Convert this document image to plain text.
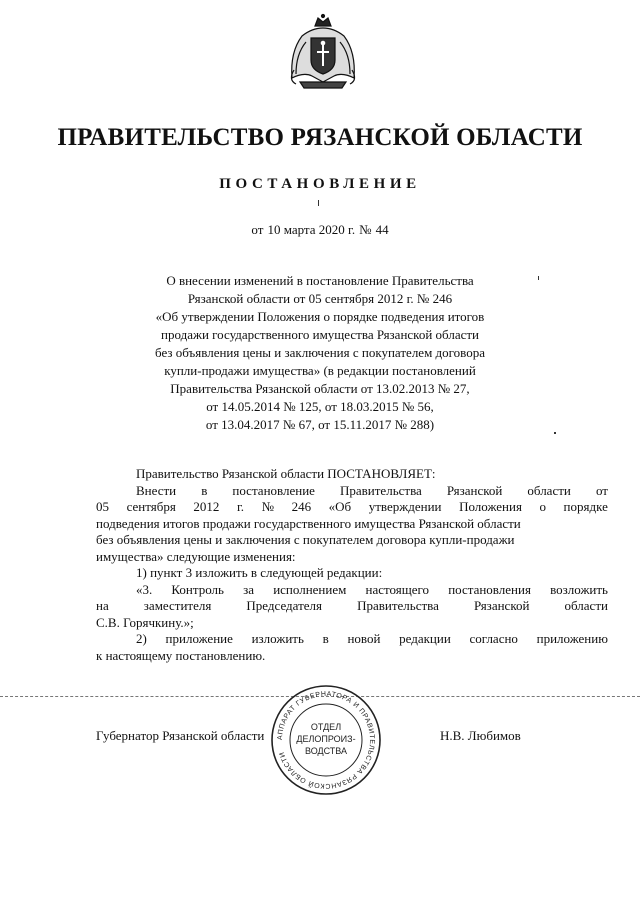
ПРАВИТЕЛЬСТВО РЯЗАНСКОЙ ОБЛАСТИ
ПОСТАНОВЛЕНИЕ
от 10 марта 2020 г. № 44
О внесении изменений в постановление Правительства
Рязанской области от 05 сентября 2012 г. № 246
«Об утверждении Положения о порядке подведения итогов
продажи государственного имущества Рязанской области
без объявления цены и заключения с покупателем договора
купли-продажи имущества» (в редакции постановлений
Правительства Рязанской области от 13.02.2013 № 27,
от 14.05.2014 № 125, от 18.03.2015 № 56,
от 13.04.2017 № 67, от 15.11.2017 № 288)
Правительство Рязанской области ПОСТАНОВЛЯЕТ:
Внести в постановление Правительства Рязанской области от
05 сентября 2012 г. № 246 «Об утверждении Положения о порядке
подведения итогов продажи государственного имущества Рязанской области
без объявления цены и заключения с покупателем договора купли-продажи
имущества» следующие изменения:
1) пункт 3 изложить в следующей редакции:
«3. Контроль за исполнением настоящего постановления возложить
на	заместителя	Председателя	Правительства	Рязанской	области
С.В. Горячкину.»;
2) приложение изложить в новой редакции согласно приложению
к настоящему постановлению.
Губернатор Рязанской области	Н.В. Любимов
АППАРАТ ГУБЕРНАТОРА И ПРАВИТЕЛЬСТВА РЯЗАНСКОЙ ОБЛАСТИ
ОТДЕЛ
ДЕЛОПРОИЗ-
ВОДСТВА
